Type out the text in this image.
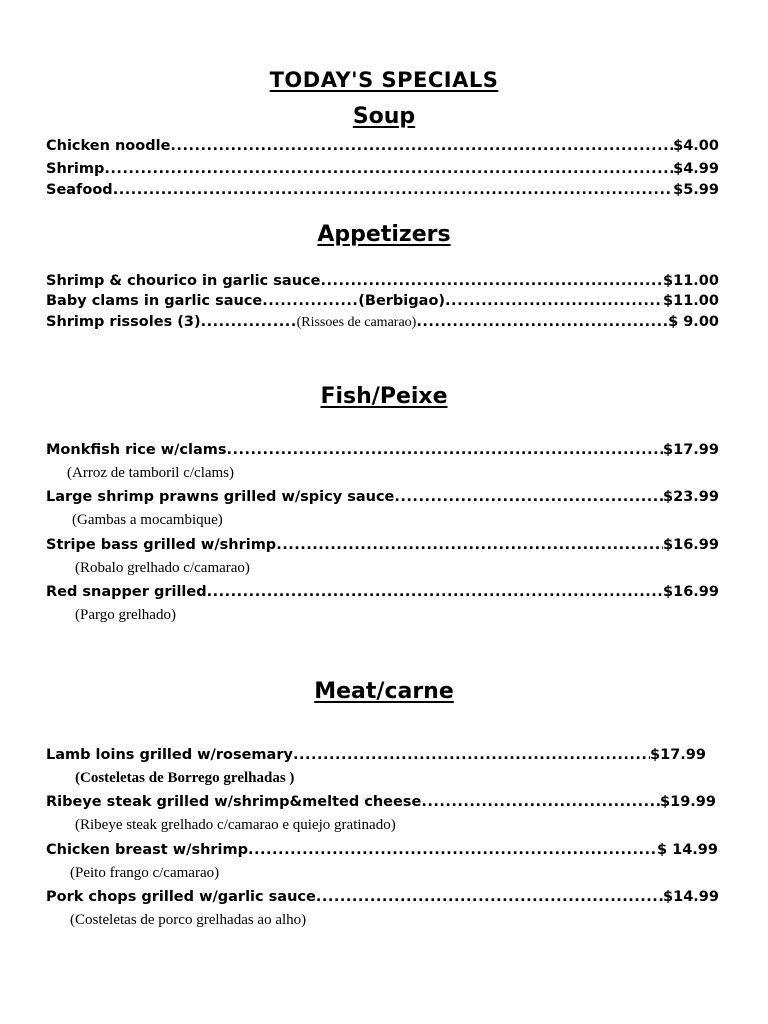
TODAY'S SPECIALS
Soup
Chicken noodle .....	$4.00
Shrimp .....	$4.99
Seafood .....	$5.99
Appetizers
Shrimp & chourico in garlic sauce .....	$11.00
Baby clams in garlic sauce .....	(Berbigao) .....	$11.00
Shrimp rissoles (3) .....	(Rissoes de camarao) .....	$ 9.00
Fish/Peixe
Monkfish rice w/clams .....	$17.99
(Arroz de tamboril c/clams)
Large shrimp prawns grilled w/spicy sauce .....	$23.99
(Gambas a mocambique)
Stripe bass grilled w/shrimp .....	$16.99
(Robalo grelhado c/camarao)
Red snapper grilled .....	$16.99
(Pargo grelhado)
Meat/carne
Lamb loins grilled w/rosemary .....	$17.99
(Costeletas de Borrego grelhadas )
Ribeye steak grilled w/shrimp&melted cheese .....	$19.99
(Ribeye steak grelhado c/camarao e quiejo gratinado)
Chicken breast w/shrimp .....	$ 14.99
(Peito frango c/camarao)
Pork chops grilled w/garlic sauce .....	$14.99
(Costeletas de porco grelhadas ao alho)
